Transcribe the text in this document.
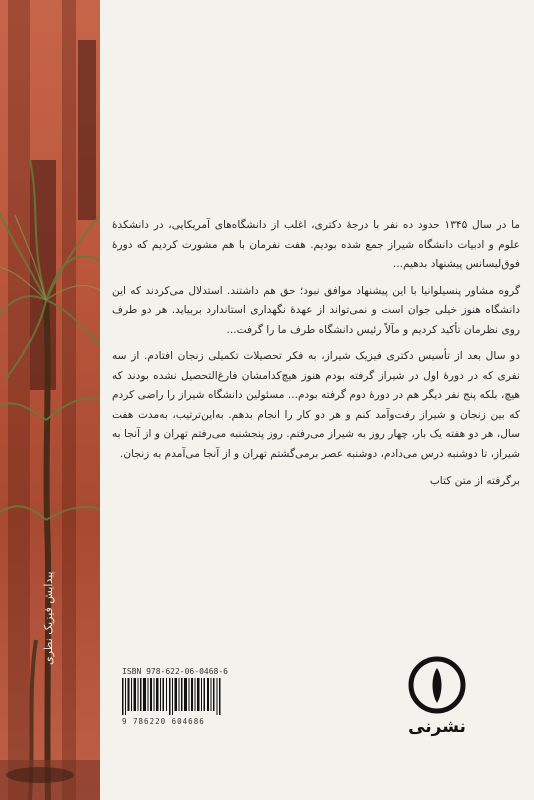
پیدایش فیزیک نظری

ما در سال ۱۳۴۵ حدود ده نفر با درجهٔ دکتری، اغلب از دانشگاه‌های آمریکایی، در دانشکدهٔ علوم و ادبیات دانشگاه شیراز جمع شده بودیم. هفت نفرمان با هم مشورت کردیم که دورهٔ فوق‌لیسانس پیشنهاد بدهیم...

گروه مشاور پنسیلوانیا با این پیشنهاد موافق نبود؛ حق هم داشتند. استدلال می‌کردند که این دانشگاه هنوز خیلی جوان است و نمی‌تواند از عهدهٔ نگهداری استاندارد بربیاید. هر دو طرف روی نظرمان تأکید کردیم و مآلاً رئیس دانشگاه طرف ما را گرفت...

دو سال بعد از تأسیس دکتری فیزیک شیراز، به فکر تحصیلات تکمیلی زنجان افتادم. از سه نفری که در دورهٔ اول در شیراز گرفته بودم هنوز هیچ‌کدامشان فارغ‌التحصیل نشده بودند که هیچ، بلکه پنج نفر دیگر هم در دورهٔ دوم گرفته بودم... مسئولین دانشگاه شیراز را راضی کردم که بین زنجان و شیراز رفت‌وآمد کنم و هر دو کار را انجام بدهم. به‌این‌ترتیب، به‌مدت هفت سال، هر دو هفته یک بار، چهار روز به شیراز می‌رفتم. روز پنجشنبه می‌رفتم تهران و از آنجا به شیراز، تا دوشنبه درس می‌دادم، دوشنبه عصر برمی‌گشتم تهران و از آنجا می‌آمدم به زنجان.

برگرفته از متن کتاب

ISBN 978-622-06-0468-6
9 786220 604686	نشرنی
